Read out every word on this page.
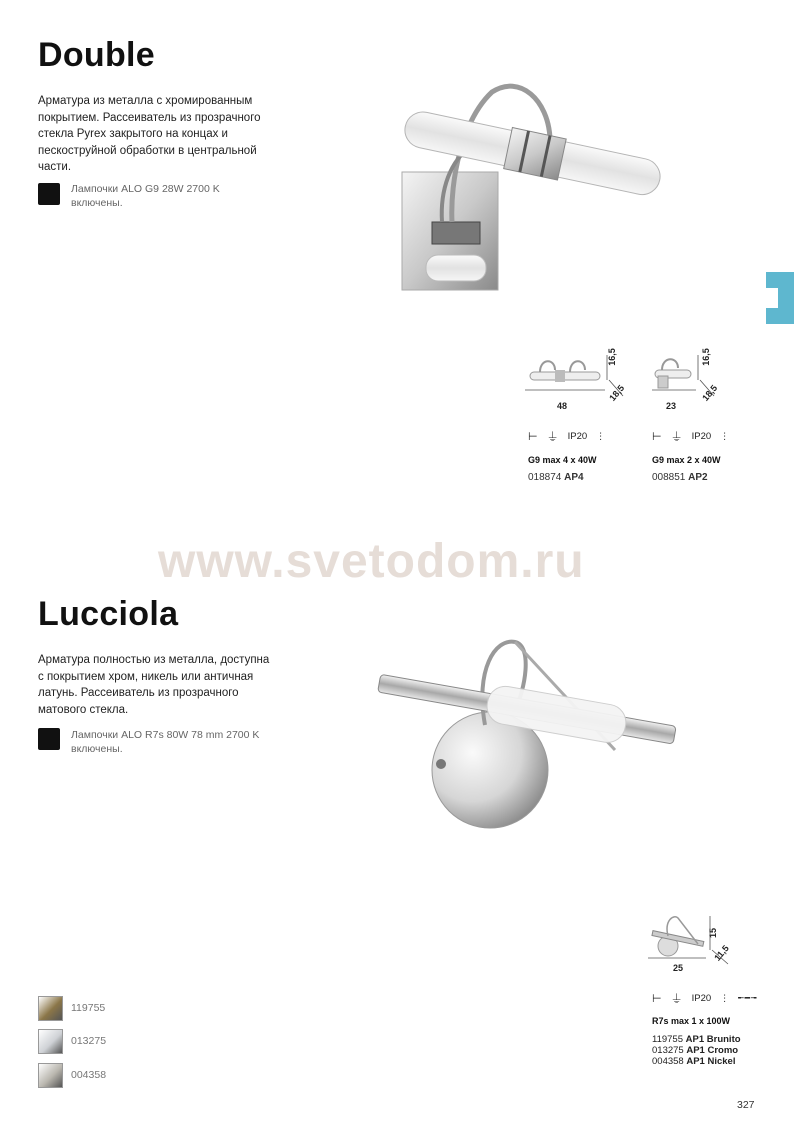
Double
Арматура из металла с хромированным покрытием. Рассеиватель из прозрачного стекла Pyrex закрытого на концах и пескоструйной обработки в центральной части.
Лампочки ALO G9 28W 2700 K включены.
48
16,5
18,5
23
16,5
18,5
⊢ ⏚ IP20 ⋮	⊢ ⏚ IP20 ⋮
G9 max 4 x 40W	G9 max 2 x 40W
018874 AP4	008851 AP2
www.svetodom.ru
Lucciola
Арматура полностью из металла, доступна с покрытием хром, никель или античная латунь. Рассеиватель из прозрачного матового стекла.
Лампочки ALO R7s 80W 78 mm 2700 K включены.
25
15
11,5
⊢ ⏚ IP20 ⋮ ╾━╼
R7s max 1 x 100W
119755 AP1 Brunito
013275 AP1 Cromo
004358 AP1 Nickel
119755
013275
004358
327
